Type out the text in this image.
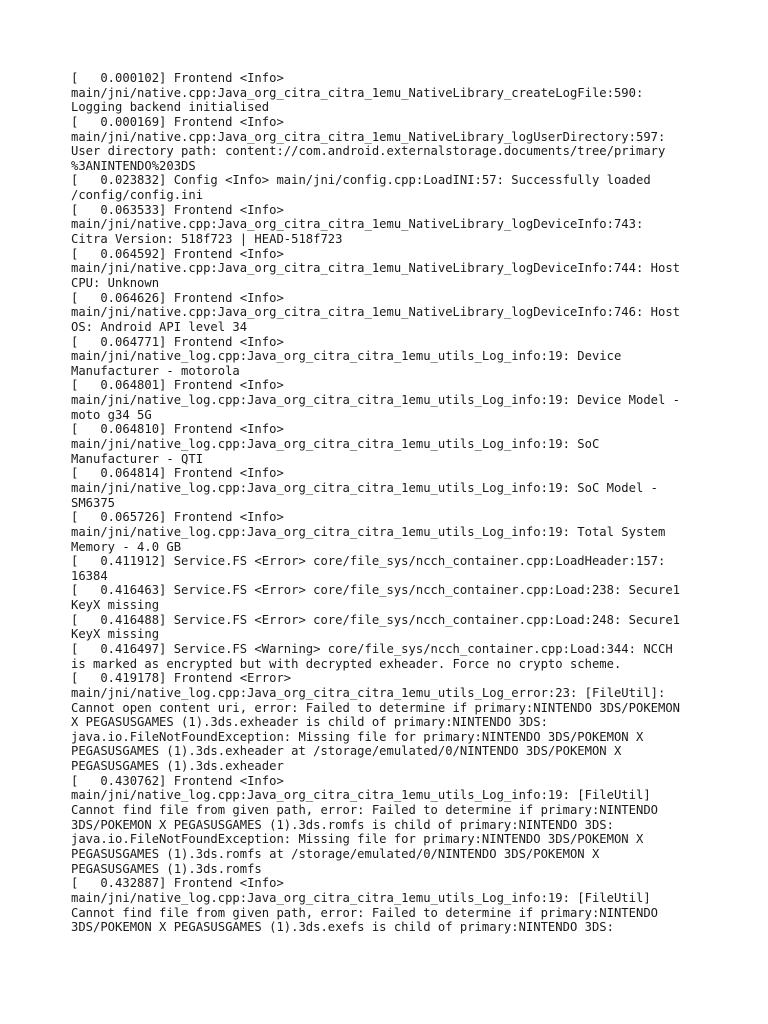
[   0.000102] Frontend <Info>
main/jni/native.cpp:Java_org_citra_citra_1emu_NativeLibrary_createLogFile:590:
Logging backend initialised
[   0.000169] Frontend <Info>
main/jni/native.cpp:Java_org_citra_citra_1emu_NativeLibrary_logUserDirectory:597:
User directory path: content://com.android.externalstorage.documents/tree/primary
%3ANINTENDO%203DS
[   0.023832] Config <Info> main/jni/config.cpp:LoadINI:57: Successfully loaded
/config/config.ini
[   0.063533] Frontend <Info>
main/jni/native.cpp:Java_org_citra_citra_1emu_NativeLibrary_logDeviceInfo:743:
Citra Version: 518f723 | HEAD-518f723
[   0.064592] Frontend <Info>
main/jni/native.cpp:Java_org_citra_citra_1emu_NativeLibrary_logDeviceInfo:744: Host
CPU: Unknown
[   0.064626] Frontend <Info>
main/jni/native.cpp:Java_org_citra_citra_1emu_NativeLibrary_logDeviceInfo:746: Host
OS: Android API level 34
[   0.064771] Frontend <Info>
main/jni/native_log.cpp:Java_org_citra_citra_1emu_utils_Log_info:19: Device
Manufacturer - motorola
[   0.064801] Frontend <Info>
main/jni/native_log.cpp:Java_org_citra_citra_1emu_utils_Log_info:19: Device Model -
moto g34 5G
[   0.064810] Frontend <Info>
main/jni/native_log.cpp:Java_org_citra_citra_1emu_utils_Log_info:19: SoC
Manufacturer - QTI
[   0.064814] Frontend <Info>
main/jni/native_log.cpp:Java_org_citra_citra_1emu_utils_Log_info:19: SoC Model -
SM6375
[   0.065726] Frontend <Info>
main/jni/native_log.cpp:Java_org_citra_citra_1emu_utils_Log_info:19: Total System
Memory - 4.0 GB
[   0.411912] Service.FS <Error> core/file_sys/ncch_container.cpp:LoadHeader:157:
16384
[   0.416463] Service.FS <Error> core/file_sys/ncch_container.cpp:Load:238: Secure1
KeyX missing
[   0.416488] Service.FS <Error> core/file_sys/ncch_container.cpp:Load:248: Secure1
KeyX missing
[   0.416497] Service.FS <Warning> core/file_sys/ncch_container.cpp:Load:344: NCCH
is marked as encrypted but with decrypted exheader. Force no crypto scheme.
[   0.419178] Frontend <Error>
main/jni/native_log.cpp:Java_org_citra_citra_1emu_utils_Log_error:23: [FileUtil]:
Cannot open content uri, error: Failed to determine if primary:NINTENDO 3DS/POKEMON
X PEGASUSGAMES (1).3ds.exheader is child of primary:NINTENDO 3DS:
java.io.FileNotFoundException: Missing file for primary:NINTENDO 3DS/POKEMON X
PEGASUSGAMES (1).3ds.exheader at /storage/emulated/0/NINTENDO 3DS/POKEMON X
PEGASUSGAMES (1).3ds.exheader
[   0.430762] Frontend <Info>
main/jni/native_log.cpp:Java_org_citra_citra_1emu_utils_Log_info:19: [FileUtil]
Cannot find file from given path, error: Failed to determine if primary:NINTENDO
3DS/POKEMON X PEGASUSGAMES (1).3ds.romfs is child of primary:NINTENDO 3DS:
java.io.FileNotFoundException: Missing file for primary:NINTENDO 3DS/POKEMON X
PEGASUSGAMES (1).3ds.romfs at /storage/emulated/0/NINTENDO 3DS/POKEMON X
PEGASUSGAMES (1).3ds.romfs
[   0.432887] Frontend <Info>
main/jni/native_log.cpp:Java_org_citra_citra_1emu_utils_Log_info:19: [FileUtil]
Cannot find file from given path, error: Failed to determine if primary:NINTENDO
3DS/POKEMON X PEGASUSGAMES (1).3ds.exefs is child of primary:NINTENDO 3DS:
